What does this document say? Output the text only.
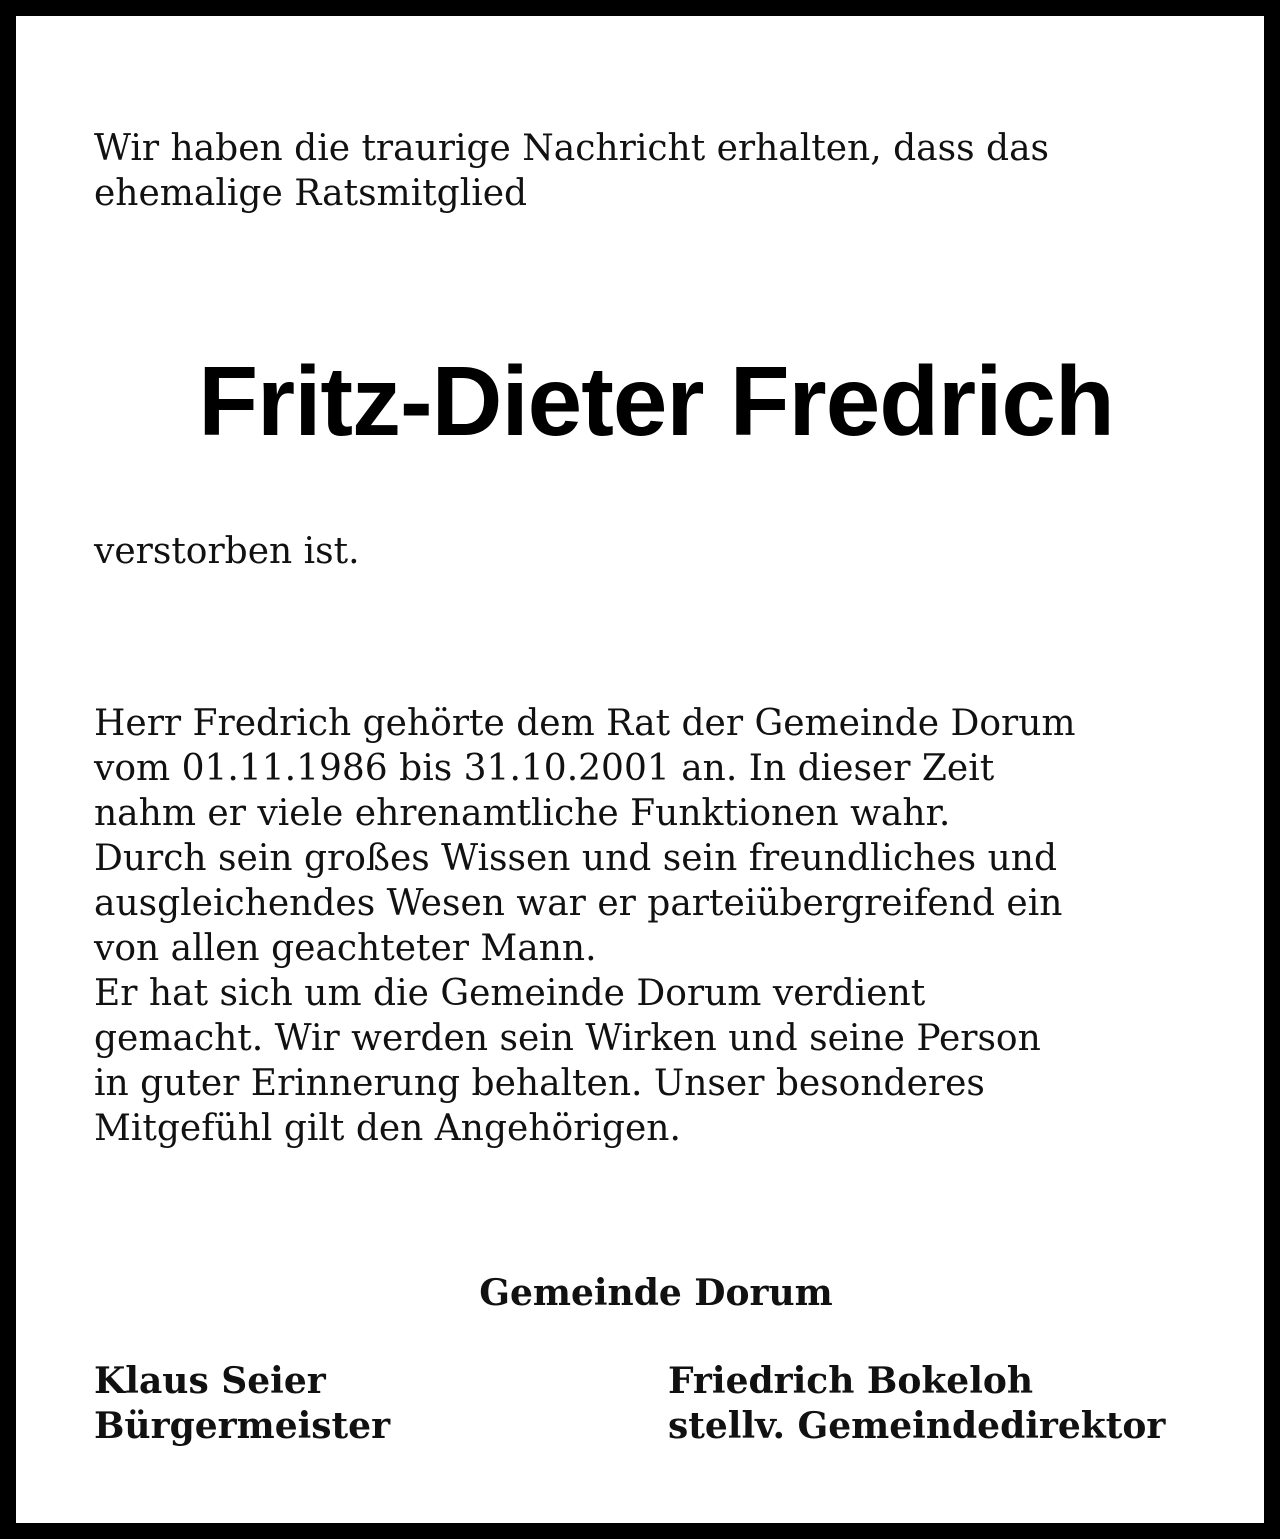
Wir haben die traurige Nachricht erhalten, dass das
ehemalige Ratsmitglied

Fritz-Dieter Fredrich

verstorben ist.

Herr Fredrich gehörte dem Rat der Gemeinde Dorum
vom 01.11.1986 bis 31.10.2001 an. In dieser Zeit
nahm er viele ehrenamtliche Funktionen wahr.
Durch sein großes Wissen und sein freundliches und
ausgleichendes Wesen war er parteiübergreifend ein
von allen geachteter Mann.
Er hat sich um die Gemeinde Dorum verdient
gemacht. Wir werden sein Wirken und seine Person
in guter Erinnerung behalten. Unser besonderes
Mitgefühl gilt den Angehörigen.

Gemeinde Dorum

Klaus Seier
Bürgermeister
Friedrich Bokeloh
stellv. Gemeindedirektor
